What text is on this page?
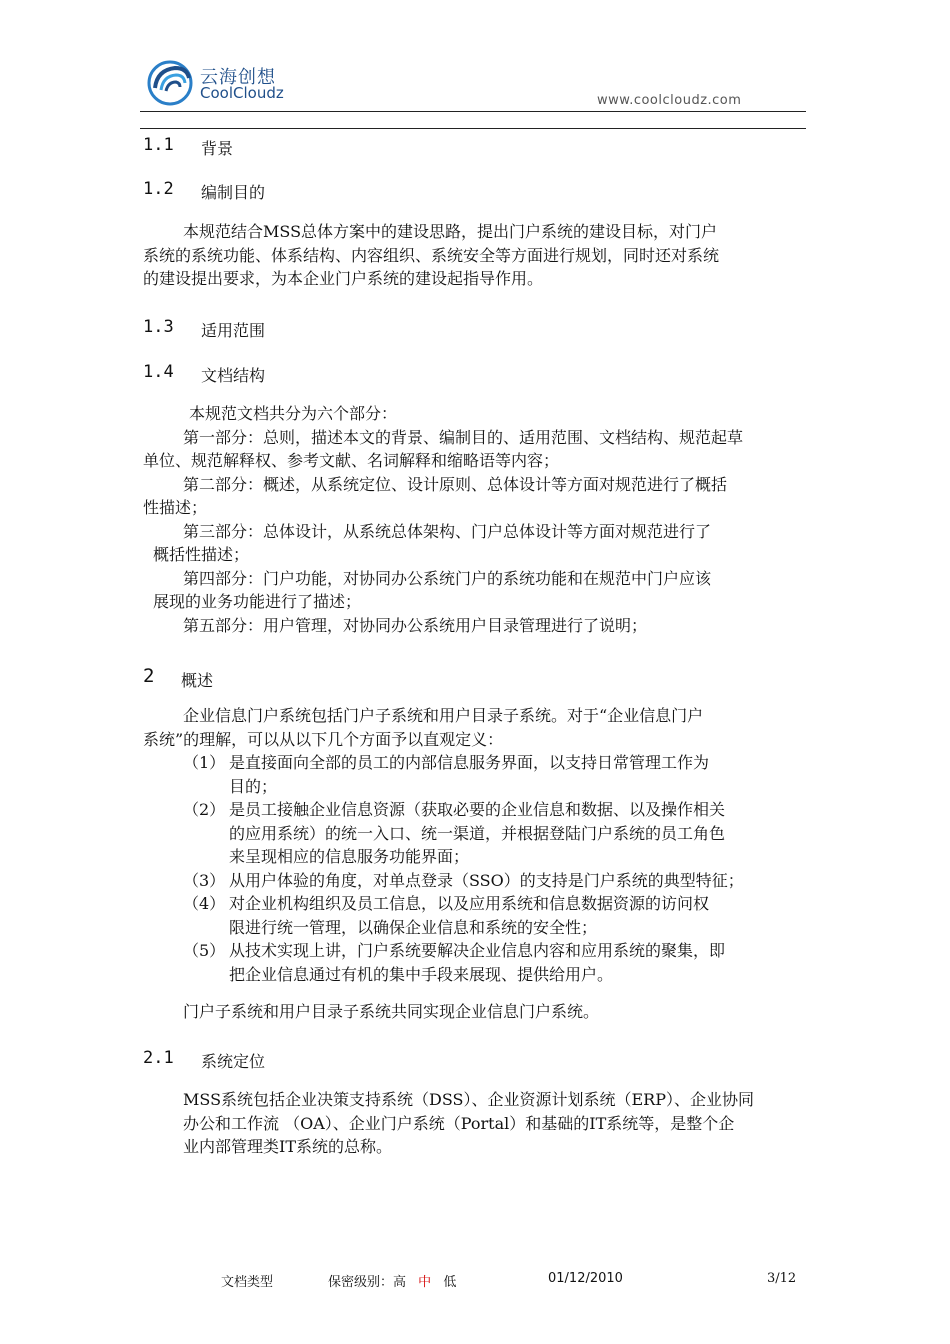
云海创想
CoolCloudz	www.coolcloudz.com
1.1 背景
1.2 编制目的
本规范结合MSS总体方案中的建设思路，提出门户系统的建设目标，对门户
系统的系统功能、体系结构、内容组织、系统安全等方面进行规划，同时还对系统
的建设提出要求，为本企业门户系统的建设起指导作用。
1.3 适用范围
1.4 文档结构
本规范文档共分为六个部分：
第一部分：总则，描述本文的背景、编制目的、适用范围、文档结构、规范起草
单位、规范解释权、参考文献、名词解释和缩略语等内容；
第二部分：概述，从系统定位、设计原则、总体设计等方面对规范进行了概括
性描述；
第三部分：总体设计，从系统总体架构、门户总体设计等方面对规范进行了
概括性描述；
第四部分：门户功能，对协同办公系统门户的系统功能和在规范中门户应该
展现的业务功能进行了描述；
第五部分：用户管理，对协同办公系统用户目录管理进行了说明；
2 概述
企业信息门户系统包括门户子系统和用户目录子系统。对于“企业信息门户
系统”的理解，可以从以下几个方面予以直观定义：
（1） 是直接面向全部的员工的内部信息服务界面，以支持日常管理工作为
目的；
（2） 是员工接触企业信息资源（获取必要的企业信息和数据、以及操作相关
的应用系统）的统一入口、统一渠道，并根据登陆门户系统的员工角色
来呈现相应的信息服务功能界面；
（3） 从用户体验的角度，对单点登录（SSO）的支持是门户系统的典型特征；
（4） 对企业机构组织及员工信息，以及应用系统和信息数据资源的访问权
限进行统一管理，以确保企业信息和系统的安全性；
（5） 从技术实现上讲，门户系统要解决企业信息内容和应用系统的聚集，即
把企业信息通过有机的集中手段来展现、提供给用户。
门户子系统和用户目录子系统共同实现企业信息门户系统。
2.1 系统定位
MSS系统包括企业决策支持系统（DSS）、企业资源计划系统（ERP）、企业协同
办公和工作流 （OA）、企业门户系统（Portal）和基础的IT系统等，是整个企
业内部管理类IT系统的总称。
文档类型	保密级别：高 中 低	01/12/2010	3/12
